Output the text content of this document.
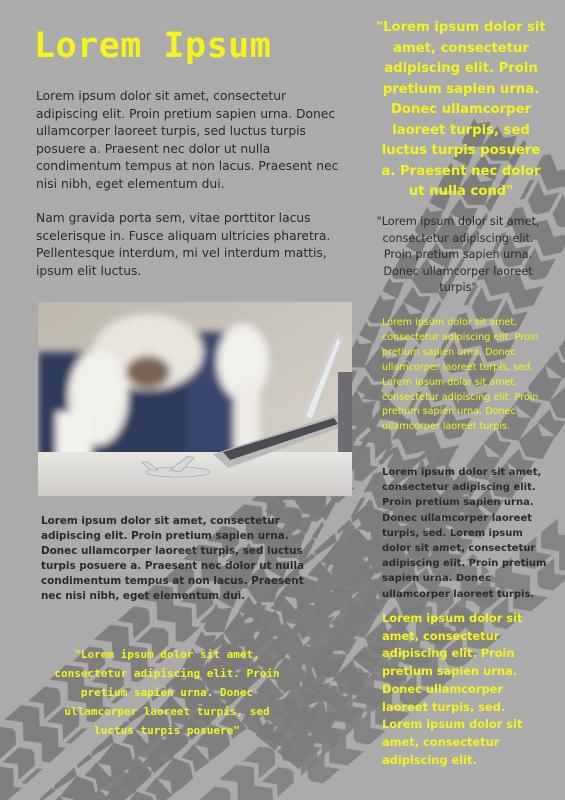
Lorem Ipsum

Lorem ipsum dolor sit amet, consectetur adipiscing elit. Proin pretium sapien urna. Donec ullamcorper laoreet turpis, sed luctus turpis posuere a. Praesent nec dolor ut nulla condimentum tempus at non lacus. Praesent nec nisi nibh, eget elementum dui.

Nam gravida porta sem, vitae porttitor lacus scelerisque in. Fusce aliquam ultricies pharetra. Pellentesque interdum, mi vel interdum mattis, ipsum elit luctus.

Lorem ipsum dolor sit amet, consectetur adipiscing elit. Proin pretium sapien urna. Donec ullamcorper laoreet turpis, sed luctus turpis posuere a. Praesent nec dolor ut nulla condimentum tempus at non lacus. Praesent nec nisi nibh, eget elementum dui.

"Lorem ipsum dolor sit amet, consectetur adipiscing elit. Proin pretium sapien urna. Donec ullamcorper laoreet turpis, sed luctus turpis posuere"

"Lorem ipsum dolor sit amet, consectetur adipiscing elit. Proin pretium sapien urna. Donec ullamcorper laoreet turpis, sed luctus turpis posuere a. Praesent nec dolor ut nulla cond"

"Lorem ipsum dolor sit amet, consectetur adipiscing elit. Proin pretium sapien urna. Donec ullamcorper laoreet turpis"

Lorem ipsum dolor sit amet, consectetur adipiscing elit. Proin pretium sapien urna. Donec ullamcorper laoreet turpis, sed. Lorem ipsum dolor sit amet, consectetur adipiscing elit. Proin pretium sapien urna. Donec ullamcorper laoreet turpis.

Lorem ipsum dolor sit amet, consectetur adipiscing elit. Proin pretium sapien urna. Donec ullamcorper laoreet turpis, sed. Lorem ipsum dolor sit amet, consectetur adipiscing elit. Proin pretium sapien urna. Donec ullamcorper laoreet turpis.

Lorem ipsum dolor sit amet, consectetur adipiscing elit. Proin pretium sapien urna. Donec ullamcorper laoreet turpis, sed. Lorem ipsum dolor sit amet, consectetur adipiscing elit.
